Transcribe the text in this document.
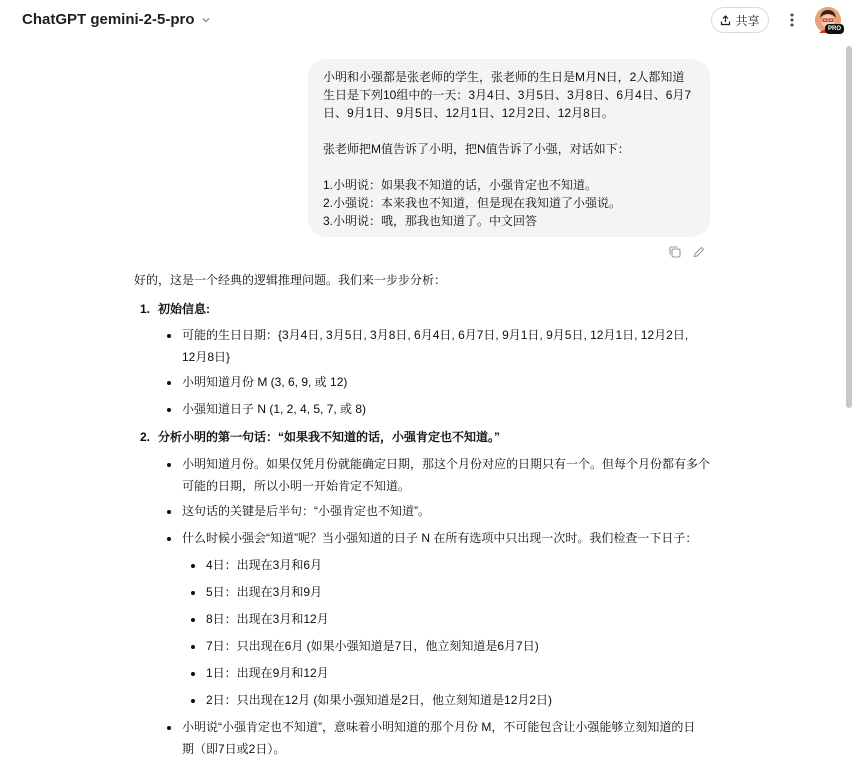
ChatGPT gemini-2-5-pro	共享
PRO

小明和小强都是张老师的学生，张老师的生日是M月N日，2人都知道

生日是下列10组中的一天：3月4日、3月5日、3月8日、6月4日、6月7

日、9月1日、9月5日、12月1日、12月2日、12月8日。

张老师把M值告诉了小明，把N值告诉了小强，对话如下：

1.小明说：如果我不知道的话，小强肯定也不知道。

2.小强说：本来我也不知道，但是现在我知道了小强说。

3.小明说：哦，那我也知道了。中文回答

好的，这是一个经典的逻辑推理问题。我们来一步步分析：
1. 初始信息:
可能的生日日期：{3月4日, 3月5日, 3月8日, 6月4日, 6月7日, 9月1日, 9月5日, 12月1日, 12月2日,
12月8日}
小明知道月份 M (3, 6, 9, 或 12)
小强知道日子 N (1, 2, 4, 5, 7, 或 8)
2. 分析小明的第一句话：“如果我不知道的话，小强肯定也不知道。”
小明知道月份。如果仅凭月份就能确定日期，那这个月份对应的日期只有一个。但每个月份都有多个
可能的日期，所以小明一开始肯定不知道。
这句话的关键是后半句：“小强肯定也不知道”。
什么时候小强会“知道”呢？当小强知道的日子 N 在所有选项中只出现一次时。我们检查一下日子：
4日：出现在3月和6月
5日：出现在3月和9月
8日：出现在3月和12月
7日：只出现在6月 (如果小强知道是7日，他立刻知道是6月7日)
1日：出现在9月和12月
2日：只出现在12月 (如果小强知道是2日，他立刻知道是12月2日)
小明说“小强肯定也不知道”，意味着小明知道的那个月份 M，不可能包含让小强能够立刻知道的日
期（即7日或2日）。
